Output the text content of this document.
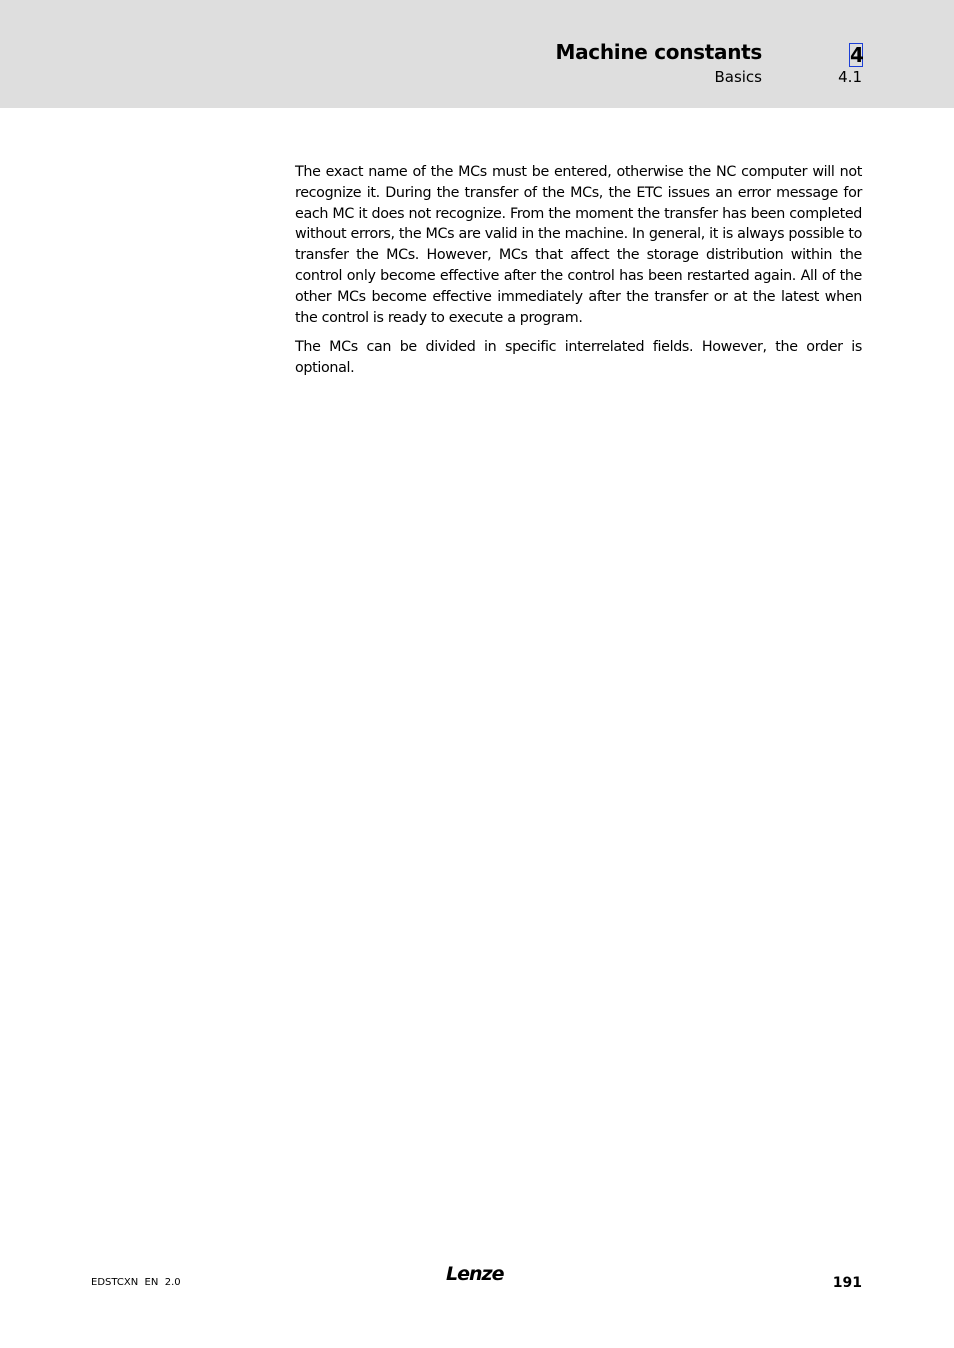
Machine constants	4
Basics	4.1

The exact name of the MCs must be entered, otherwise the NC computer will not recognize it. During the transfer of the MCs, the ETC issues an error message for each MC it does not recognize. From the moment the transfer has been completed without errors, the MCs are valid in the machine. In general, it is always possible to transfer the MCs. However, MCs that affect the storage distribution within the control only become effective after the control has been restarted again. All of the other MCs become effective immediately after the transfer or at the latest when the control is ready to execute a program.

The MCs can be divided in specific interrelated fields. However, the order is optional.

EDSTCXN  EN  2.0	Lenze	191
